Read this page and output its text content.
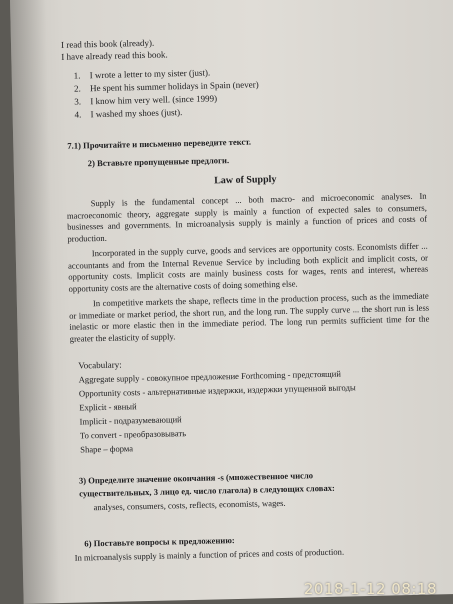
I read this book (already).
I have already read this book.
1. I wrote a letter to my sister (just).
2. He spent his summer holidays in Spain (never)
3. I know him very well. (since 1999)
4. I washed my shoes (just).
7.1) Прочитайте и письменно переведите текст.
2) Вставьте пропущенные предлоги.
Law of Supply
Supply is the fundamental concept ... both macro- and microeconomic analyses. In macroeconomic theory, aggregate supply is mainly a function of expected sales to consumers, businesses and governments. In microanalysis supply is mainly a function of prices and costs of production.
Incorporated in the supply curve, goods and services are opportunity costs. Economists differ ... accountants and from the Internal Revenue Service by including both explicit and implicit costs, or opportunity costs. Implicit costs are mainly business costs for wages, rents and interest, whereas opportunity costs are the alternative costs of doing something else.
In competitive markets the shape, reflects time in the production process, such as the immediate or immediate or market period, the short run, and the long run. The supply curve ... the short run is less inelastic or more elastic then in the immediate period. The long run permits sufficient time for the greater the elasticity of supply.
Vocabulary:
Aggregate supply - совокупное предложение Forthcoming - предстоящий
Opportunity costs - альтернативные издержки, издержки упущенной выгоды
Explicit - явный
Implicit - подразумевающий
To convert - преобразовывать
Shape – форма
3) Определите значение окончания -s (множественное число
существительных, 3 лицо ед. число глагола) в следующих словах:
analyses, consumers, costs, reflects, economists, wages.
6) Поставьте вопросы к предложению:
In microanalysis supply is mainly a function of prices and costs of production.
2018-1-12 08:18
